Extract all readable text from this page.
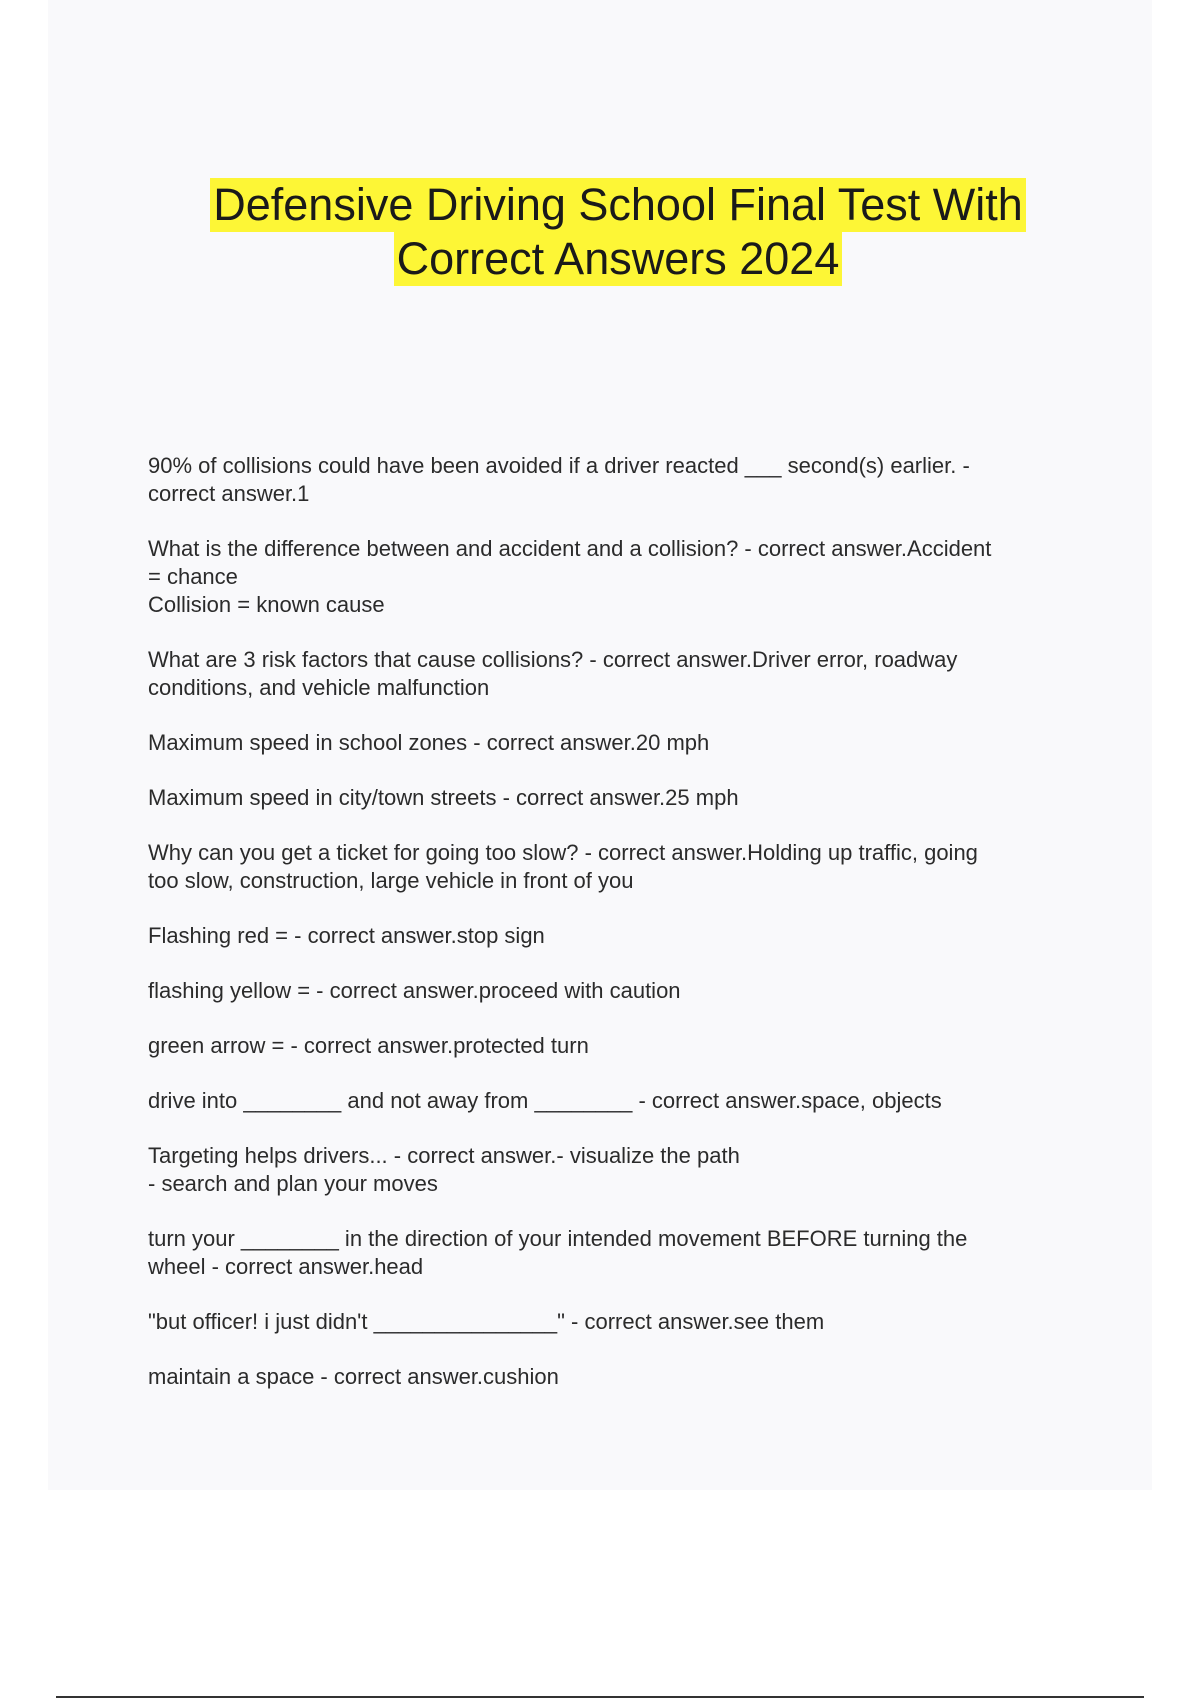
Defensive Driving School Final Test With
Correct Answers 2024
90% of collisions could have been avoided if a driver reacted ___ second(s) earlier. -
correct answer.1
What is the difference between and accident and a collision? - correct answer.Accident
= chance
Collision = known cause
What are 3 risk factors that cause collisions? - correct answer.Driver error, roadway
conditions, and vehicle malfunction
Maximum speed in school zones - correct answer.20 mph
Maximum speed in city/town streets - correct answer.25 mph
Why can you get a ticket for going too slow? - correct answer.Holding up traffic, going
too slow, construction, large vehicle in front of you
Flashing red = - correct answer.stop sign
flashing yellow = - correct answer.proceed with caution
green arrow = - correct answer.protected turn
drive into ________ and not away from ________ - correct answer.space, objects
Targeting helps drivers... - correct answer.- visualize the path
- search and plan your moves
turn your ________ in the direction of your intended movement BEFORE turning the
wheel - correct answer.head
"but officer! i just didn't _______________" - correct answer.see them
maintain a space - correct answer.cushion
